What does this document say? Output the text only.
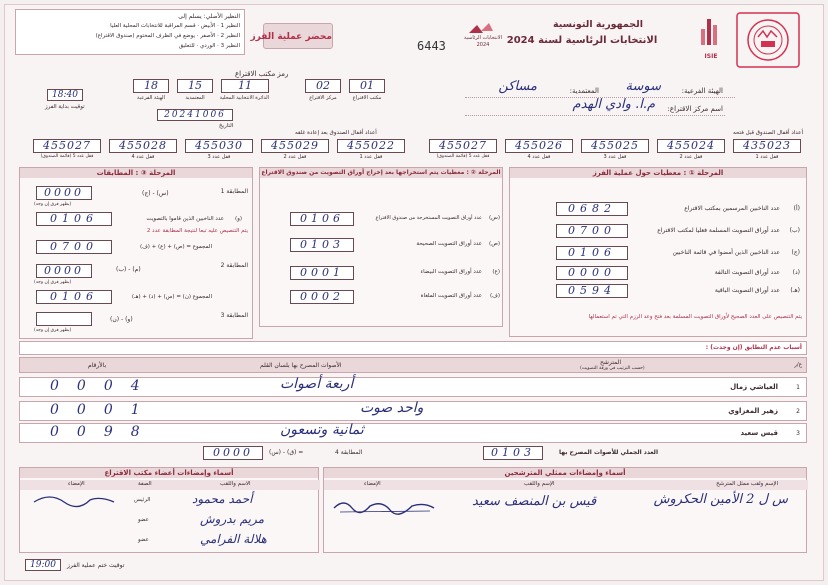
النظير الأصلي: يسلم إلى
النظير 1 · الأبيض · قسم المراقبة للانتخابات المحلية العليا
النظير 2 · الأصفر · يوضع في الظرف المختوم (صندوق الاقتراع)
النظير 3 · الوردي · للتعليق
محضر عملية الفرز
6443
الجمهورية التونسية
الانتخابات الرئاسية لسنة 2024
الانتخابات الرئاسية 2024
ISIE
الهيئة الفرعية:
سوسة
المعتمدية:
مساكن
اسم مركز الاقتراع:
م.ا. وادي الهدم
رمز مكتب الاقتراع
01
مكتب الاقتراع
02
مركز الاقتراع
11
الدائرة الانتخابية المحلية
15
المعتمدية
18
الهيئة الفرعية
20241006
التاريخ
18:40
توقيت بداية الفرز
أعداد أقفال الصندوق قبل فتحه
435023
قفل عدد 1
455024
قفل عدد 2
455025
قفل عدد 3
455026
قفل عدد 4
455027
قفل عدد 5 (قائمة الصندوق)
أعداد أقفال الصندوق بعد إعادة غلقه
455022
قفل عدد 1
455029
قفل عدد 2
455030
قفل عدد 3
455028
قفل عدد 4
455027
قفل عدد 5 (قائمة الصندوق)
المرحلة ① : معطيات حول عملية الفرز
0682	عدد الناخبين المرسمين بمكتب الاقتراع (أ)
0700	عدد أوراق التصويت المسلمة فعليا لمكتب الاقتراع (ب)
0106	عدد الناخبين الذين أمضوا في قائمة الناخبين (ج)
0000	عدد أوراق التصويت التالفة (د)
0594	عدد أوراق التصويت الباقية (هـ)
يتم التنصيص على العدد الصحيح لأوراق التصويت المسلمة بعد فتح وعد الرزم التي تم استعمالها
المرحلة ② : معطيات يتم استخراجها بعد إخراج أوراق التصويت من صندوق الاقتراع
0106	عدد أوراق التصويت المستخرجة من صندوق الاقتراع (س)
0103	عدد أوراق التصويت الصحيحة (ص)
0001	عدد أوراق التصويت البيضاء (ع)
0002	عدد أوراق التصويت الملغاة (ف)
المرحلة ③ : المطابقات
المطابقة 1
(ج) - (س)
0000
(يظهر فرق إن وجد)
0106	عدد الناخبين الذين قاموا بالتصويت (و)
يتم التنصيص عليه تبعا لنتيجة المطابقة عدد 2
0700	المجموع = (ص) + (ع) + (ف)
المطابقة 2
(ب) - (م)
0000
(يظهر فرق إن وجد)
0106	المجموع (ن) = (س) + (د) + (هـ)
المطابقة 3
(ن) - (و)
(يظهر فرق إن وجد)
أسباب عدم التطابق (إن وجدت) :
ع/ر
المترشح
(حسب الترتيب في ورقة التصويت)
الأصوات المصرح بها بلسان القلم
بالأرقام
1
العياشي زمال
أربعة أصوات
0004
2
زهير المغزاوي
واحد صوت
0001
3
قيس سعيد
ثمانية وتسعون
0098
العدد الجملي للأصوات المصرح بها
0103
المطابقة 4
(س) - (ق) =
0000
أسماء وإمضاءات ممثلي المترشحين
الإسم ولقب ممثل المترشح
الإسم واللقب
الإمضاء
س ل 2 الأمين الحكروش
قيس بن المنصف سعيد
أسماء وإمضاءات أعضاء مكتب الاقتراع
الصفة	الاسم واللقب
الإمضاء
الرئيس	أحمد محمود
عضو	مريم بدروش
عضو	هلالة الفرامي
19:00	توقيت ختم عملية الفرز
